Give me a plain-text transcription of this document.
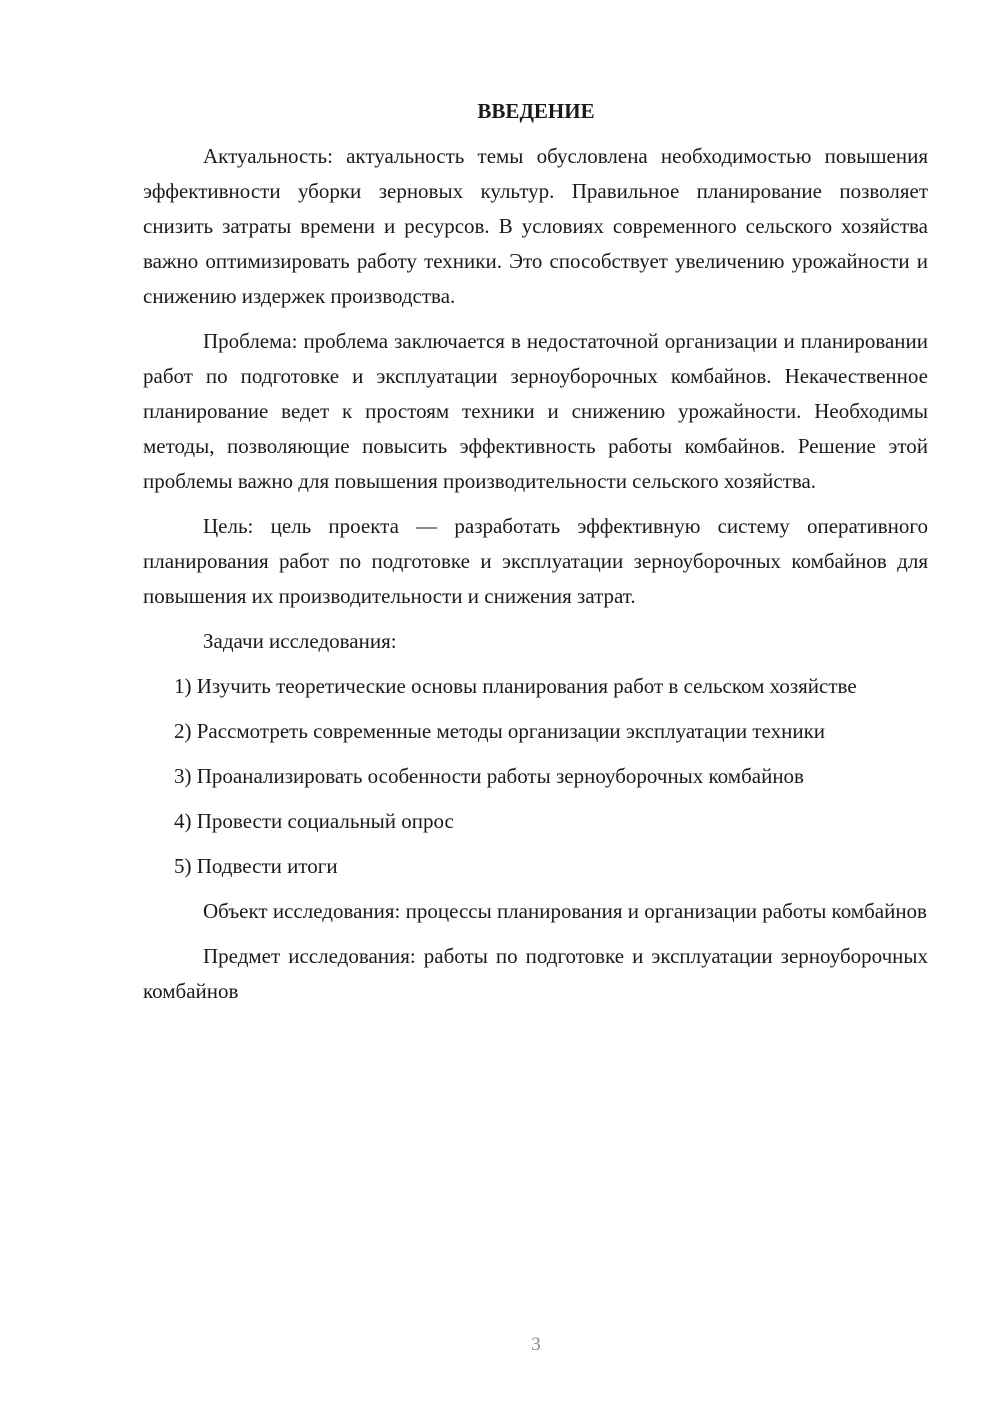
ВВЕДЕНИЕ

Актуальность: актуальность темы обусловлена необходимостью повышения эффективности уборки зерновых культур. Правильное планирование позволяет снизить затраты времени и ресурсов. В условиях современного сельского хозяйства важно оптимизировать работу техники. Это способствует увеличению урожайности и снижению издержек производства.

Проблема: проблема заключается в недостаточной организации и планировании работ по подготовке и эксплуатации зерноуборочных комбайнов. Некачественное планирование ведет к простоям техники и снижению урожайности. Необходимы методы, позволяющие повысить эффективность работы комбайнов. Решение этой проблемы важно для повышения производительности сельского хозяйства.

Цель: цель проекта — разработать эффективную систему оперативного планирования работ по подготовке и эксплуатации зерноуборочных комбайнов для повышения их производительности и снижения затрат.

Задачи исследования:

1) Изучить теоретические основы планирования работ в сельском хозяйстве

2) Рассмотреть современные методы организации эксплуатации техники

3) Проанализировать особенности работы зерноуборочных комбайнов

4) Провести социальный опрос

5) Подвести итоги

Объект исследования: процессы планирования и организации работы комбайнов

Предмет исследования: работы по подготовке и эксплуатации зерноуборочных комбайнов

3
